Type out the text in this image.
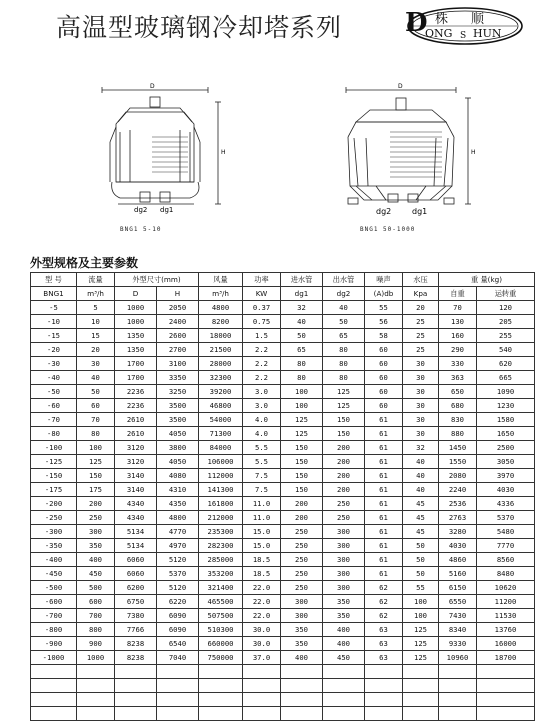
高温型玻璃钢冷却塔系列 D 株 顺
ONG S HUN
D
H
dg2 dg1
BNG1 5-10
D
H
dg2	dg1
BNG1 50-1000
外型规格及主要参数
型 号	流量	外型尺寸(mm)		风量	功率	进水管	出水管	噪声	水压	重 量(kg)	
BNG1	m³/h	D	H	m³/h	KW	dg1	dg2	(A)db	Kpa	自重	运转重
-5	5	1000	2050	4800	0.37	32	40	55	20	70	120
-10	10	1000	2400	8200	0.75	40	50	56	25	130	205
-15	15	1350	2600	18000	1.5	50	65	58	25	160	255
-20	20	1350	2700	21500	2.2	65	80	60	25	290	540
-30	30	1700	3100	28000	2.2	80	80	60	30	330	620
-40	40	1700	3350	32300	2.2	80	80	60	30	363	665
-50	50	2236	3250	39200	3.0	100	125	60	30	650	1090
-60	60	2236	3500	46800	3.0	100	125	60	30	680	1230
-70	70	2610	3500	54000	4.0	125	150	61	30	830	1580
-80	80	2610	4050	71300	4.0	125	150	61	30	880	1650
-100	100	3120	3800	84000	5.5	150	200	61	32	1450	2500
-125	125	3120	4050	106000	5.5	150	200	61	40	1550	3050
-150	150	3140	4080	112000	7.5	150	200	61	40	2080	3970
-175	175	3140	4310	141300	7.5	150	200	61	40	2240	4030
-200	200	4340	4350	161800	11.0	200	250	61	45	2536	4336
-250	250	4340	4800	212000	11.0	200	250	61	45	2763	5370
-300	300	5134	4770	235300	15.0	250	300	61	45	3280	5480
-350	350	5134	4970	282300	15.0	250	300	61	50	4030	7770
-400	400	6060	5120	285000	18.5	250	300	61	50	4860	8560
-450	450	6060	5370	353200	18.5	250	300	61	50	5160	8480
-500	500	6200	5120	321400	22.0	250	300	62	55	6150	10620
-600	600	6750	6220	465500	22.0	300	350	62	100	6550	11200
-700	700	7380	6090	507500	22.0	300	350	62	100	7430	11530
-800	800	7766	6090	510300	30.0	350	400	63	125	8340	13760
-900	900	8238	6540	660000	30.0	350	400	63	125	9330	16000
-1000	1000	8238	7040	750000	37.0	400	450	63	125	10960	18700
